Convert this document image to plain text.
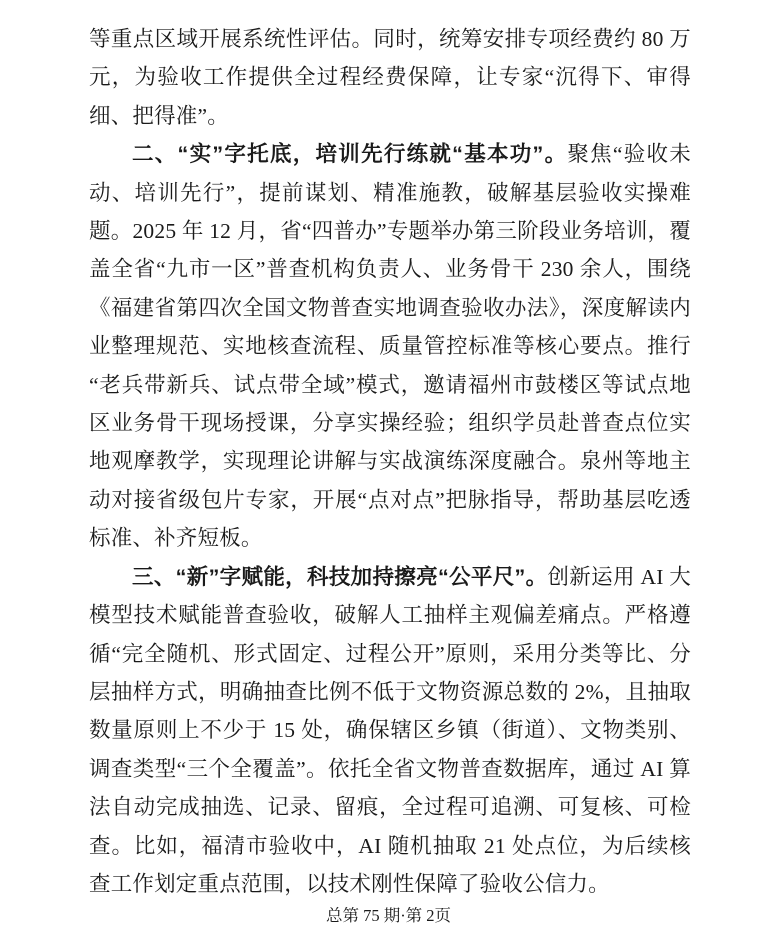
等重点区域开展系统性评估。同时，统筹安排专项经费约 80 万元，为验收工作提供全过程经费保障，让专家“沉得下、审得细、把得准”。

二、“实”字托底，培训先行练就“基本功”。聚焦“验收未动、培训先行”，提前谋划、精准施教，破解基层验收实操难题。2025 年 12 月，省“四普办”专题举办第三阶段业务培训，覆盖全省“九市一区”普查机构负责人、业务骨干 230 余人，围绕《福建省第四次全国文物普查实地调查验收办法》，深度解读内业整理规范、实地核查流程、质量管控标准等核心要点。推行“老兵带新兵、试点带全域”模式，邀请福州市鼓楼区等试点地区业务骨干现场授课，分享实操经验；组织学员赴普查点位实地观摩教学，实现理论讲解与实战演练深度融合。泉州等地主动对接省级包片专家，开展“点对点”把脉指导，帮助基层吃透标准、补齐短板。

三、“新”字赋能，科技加持擦亮“公平尺”。创新运用 AI 大模型技术赋能普查验收，破解人工抽样主观偏差痛点。严格遵循“完全随机、形式固定、过程公开”原则，采用分类等比、分层抽样方式，明确抽查比例不低于文物资源总数的 2%，且抽取数量原则上不少于 15 处，确保辖区乡镇（街道）、文物类别、调查类型“三个全覆盖”。依托全省文物普查数据库，通过 AI 算法自动完成抽选、记录、留痕，全过程可追溯、可复核、可检查。比如，福清市验收中，AI 随机抽取 21 处点位，为后续核查工作划定重点范围，以技术刚性保障了验收公信力。

总第 75 期·第 2页
